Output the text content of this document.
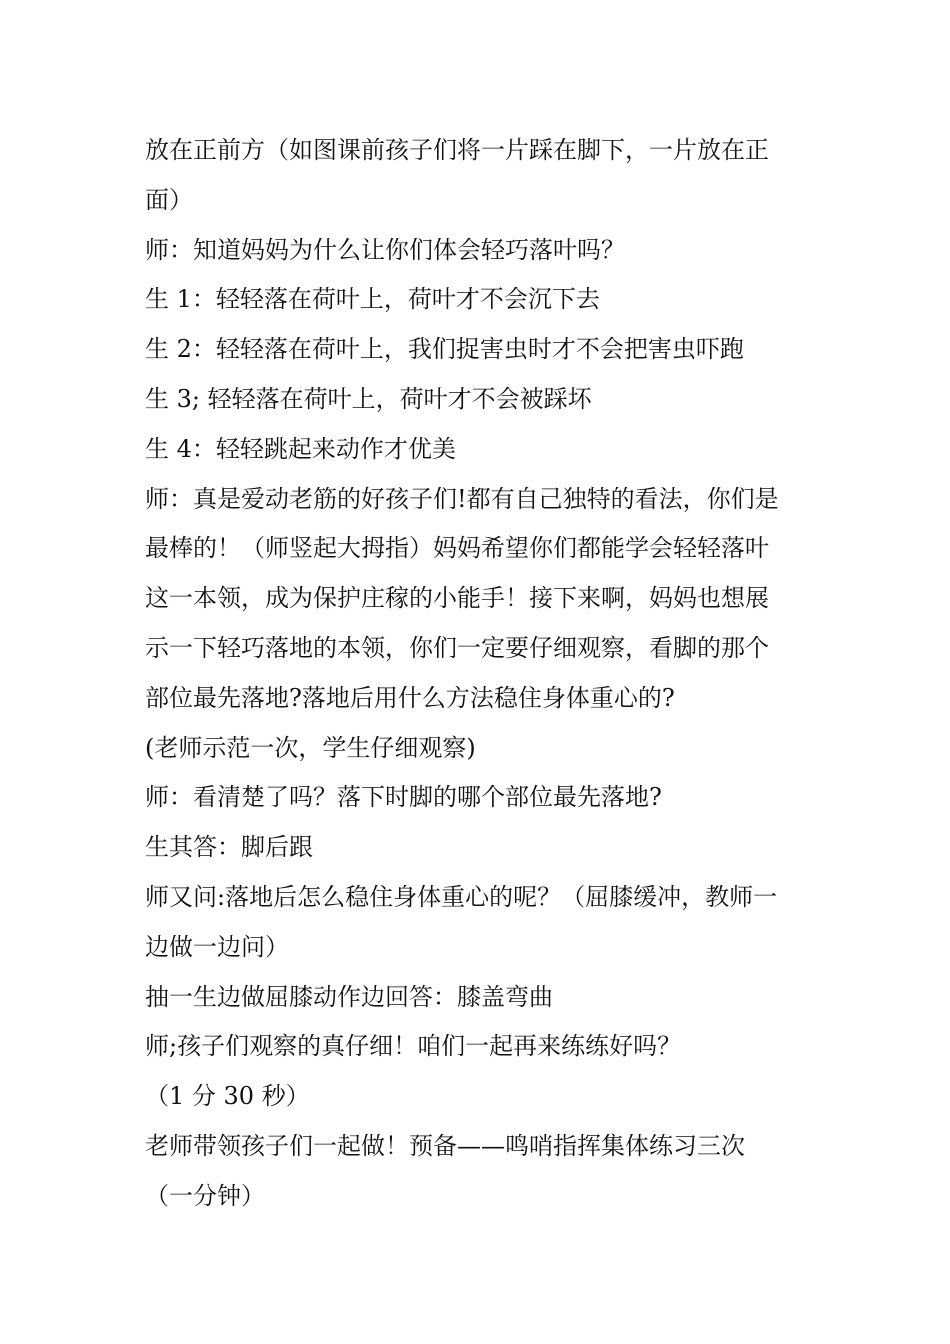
放在正前方（如图课前孩子们将一片踩在脚下，一片放在正
面）
师：知道妈妈为什么让你们体会轻巧落叶吗？
生 1：轻轻落在荷叶上，荷叶才不会沉下去
生 2：轻轻落在荷叶上，我们捉害虫时才不会把害虫吓跑
生 3; 轻轻落在荷叶上，荷叶才不会被踩坏
生 4：轻轻跳起来动作才优美
师：真是爱动老筋的好孩子们!都有自己独特的看法，你们是
最棒的！（师竖起大拇指）妈妈希望你们都能学会轻轻落叶
这一本领，成为保护庄稼的小能手！接下来啊，妈妈也想展
示一下轻巧落地的本领，你们一定要仔细观察，看脚的那个
部位最先落地?落地后用什么方法稳住身体重心的?
(老师示范一次，学生仔细观察)
师：看清楚了吗？落下时脚的哪个部位最先落地?
生其答：脚后跟
师又问:落地后怎么稳住身体重心的呢？（屈膝缓冲，教师一
边做一边问）
抽一生边做屈膝动作边回答：膝盖弯曲
师;孩子们观察的真仔细！咱们一起再来练练好吗？
（1 分 30 秒）
老师带领孩子们一起做！预备——鸣哨指挥集体练习三次
（一分钟）
